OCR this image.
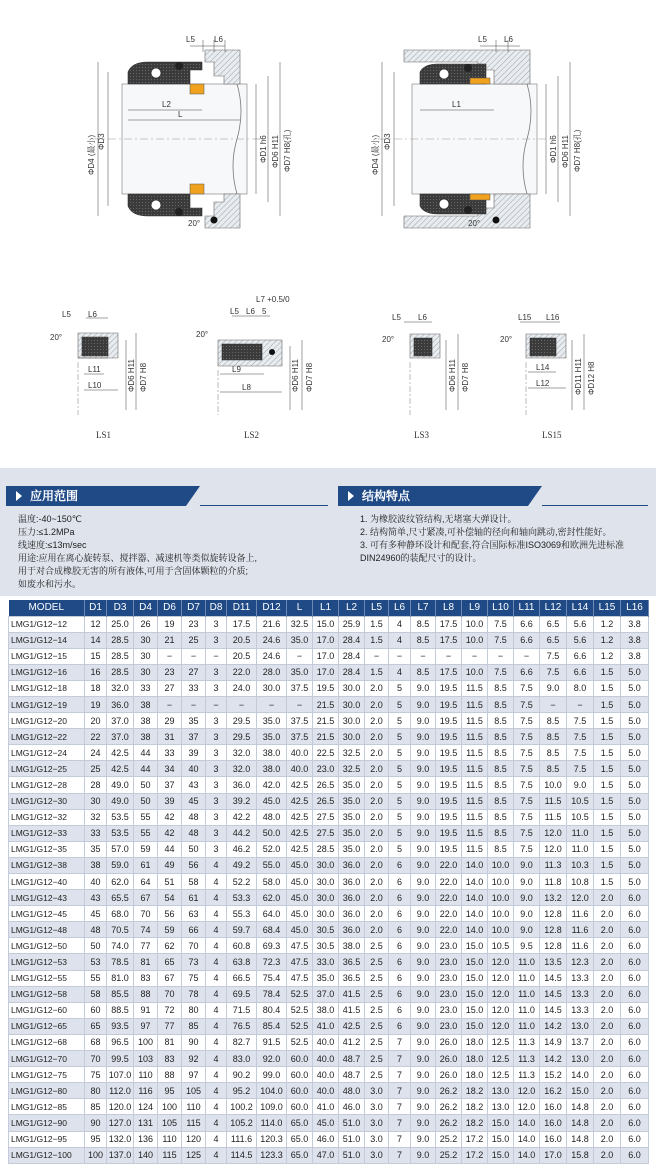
L5 L6
L2
L
ΦD4 (最小) ΦD3	ΦD1 h6 ΦD6 H11 ΦD7 H8(孔)
20°
L5 L6
L1
ΦD4 (最小) ΦD3	ΦD1 h6 ΦD6 H11 ΦD7 H8(孔)
20°
L5 L6
20°
L11
L10	ΦD6 H11 ΦD7 H8
LS1
L7 +0.5/0
L5 L6 5
20°
L9
L8	ΦD6 H11 ΦD7 H8
LS2
L5 L6
20°
ΦD6 H11 ΦD7 H8
LS3
L15 L16
20°
L14
L12	ΦD11 H11 ΦD12 H8
LS15
应用范围	结构特点
温度:-40~150℃
压力:≤1.2MPa
线速度:≤13m/sec
用途:应用在离心旋转泵、搅拌器、减速机等类似旋转设备上,
用于对合成橡胶无害的所有液体,可用于含固体颗粒的介质;
如废水和污水。
1. 为橡胶波纹管结构,无堵塞大弹设计。
2. 结构简单,尺寸紧凑,可补偿轴的径向和轴向跳动,密封性能好。
3. 可有多种静环设计和配套,符合国际标准ISO3069和欧洲先进标准
DIN24960的装配尺寸的设计。
MODEL	D1	D3	D4	D6	D7	D8	D11	D12	L	L1	L2	L5	L6	L7	L8	L9	L10	L11	L12	L14	L15	L16
LMG1/G12−12	12	25.0	26	19	23	3	17.5	21.6	32.5	15.0	25.9	1.5	4	8.5	17.5	10.0	7.5	6.6	6.5	5.6	1.2	3.8
LMG1/G12−14	14	28.5	30	21	25	3	20.5	24.6	35.0	17.0	28.4	1.5	4	8.5	17.5	10.0	7.5	6.6	6.5	5.6	1.2	3.8
LMG1/G12−15	15	28.5	30	−	−	−	20.5	24.6	−	17.0	28.4	−	−	−	−	−	−	−	7.5	6.6	1.2	3.8
LMG1/G12−16	16	28.5	30	23	27	3	22.0	28.0	35.0	17.0	28.4	1.5	4	8.5	17.5	10.0	7.5	6.6	7.5	6.6	1.5	5.0
LMG1/G12−18	18	32.0	33	27	33	3	24.0	30.0	37.5	19.5	30.0	2.0	5	9.0	19.5	11.5	8.5	7.5	9.0	8.0	1.5	5.0
LMG1/G12−19	19	36.0	38	−	−	−	−	−	−	21.5	30.0	2.0	5	9.0	19.5	11.5	8.5	7.5	−	−	1.5	5.0
LMG1/G12−20	20	37.0	38	29	35	3	29.5	35.0	37.5	21.5	30.0	2.0	5	9.0	19.5	11.5	8.5	7.5	8.5	7.5	1.5	5.0
LMG1/G12−22	22	37.0	38	31	37	3	29.5	35.0	37.5	21.5	30.0	2.0	5	9.0	19.5	11.5	8.5	7.5	8.5	7.5	1.5	5.0
LMG1/G12−24	24	42.5	44	33	39	3	32.0	38.0	40.0	22.5	32.5	2.0	5	9.0	19.5	11.5	8.5	7.5	8.5	7.5	1.5	5.0
LMG1/G12−25	25	42.5	44	34	40	3	32.0	38.0	40.0	23.0	32.5	2.0	5	9.0	19.5	11.5	8.5	7.5	8.5	7.5	1.5	5.0
LMG1/G12−28	28	49.0	50	37	43	3	36.0	42.0	42.5	26.5	35.0	2.0	5	9.0	19.5	11.5	8.5	7.5	10.0	9.0	1.5	5.0
LMG1/G12−30	30	49.0	50	39	45	3	39.2	45.0	42.5	26.5	35.0	2.0	5	9.0	19.5	11.5	8.5	7.5	11.5	10.5	1.5	5.0
LMG1/G12−32	32	53.5	55	42	48	3	42.2	48.0	42.5	27.5	35.0	2.0	5	9.0	19.5	11.5	8.5	7.5	11.5	10.5	1.5	5.0
LMG1/G12−33	33	53.5	55	42	48	3	44.2	50.0	42.5	27.5	35.0	2.0	5	9.0	19.5	11.5	8.5	7.5	12.0	11.0	1.5	5.0
LMG1/G12−35	35	57.0	59	44	50	3	46.2	52.0	42.5	28.5	35.0	2.0	5	9.0	19.5	11.5	8.5	7.5	12.0	11.0	1.5	5.0
LMG1/G12−38	38	59.0	61	49	56	4	49.2	55.0	45.0	30.0	36.0	2.0	6	9.0	22.0	14.0	10.0	9.0	11.3	10.3	1.5	5.0
LMG1/G12−40	40	62.0	64	51	58	4	52.2	58.0	45.0	30.0	36.0	2.0	6	9.0	22.0	14.0	10.0	9.0	11.8	10.8	1.5	5.0
LMG1/G12−43	43	65.5	67	54	61	4	53.3	62.0	45.0	30.0	36.0	2.0	6	9.0	22.0	14.0	10.0	9.0	13.2	12.0	2.0	6.0
LMG1/G12−45	45	68.0	70	56	63	4	55.3	64.0	45.0	30.0	36.0	2.0	6	9.0	22.0	14.0	10.0	9.0	12.8	11.6	2.0	6.0
LMG1/G12−48	48	70.5	74	59	66	4	59.7	68.4	45.0	30.5	36.0	2.0	6	9.0	22.0	14.0	10.0	9.0	12.8	11.6	2.0	6.0
LMG1/G12−50	50	74.0	77	62	70	4	60.8	69.3	47.5	30.5	38.0	2.5	6	9.0	23.0	15.0	10.5	9.5	12.8	11.6	2.0	6.0
LMG1/G12−53	53	78.5	81	65	73	4	63.8	72.3	47.5	33.0	36.5	2.5	6	9.0	23.0	15.0	12.0	11.0	13.5	12.3	2.0	6.0
LMG1/G12−55	55	81.0	83	67	75	4	66.5	75.4	47.5	35.0	36.5	2.5	6	9.0	23.0	15.0	12.0	11.0	14.5	13.3	2.0	6.0
LMG1/G12−58	58	85.5	88	70	78	4	69.5	78.4	52.5	37.0	41.5	2.5	6	9.0	23.0	15.0	12.0	11.0	14.5	13.3	2.0	6.0
LMG1/G12−60	60	88.5	91	72	80	4	71.5	80.4	52.5	38.0	41.5	2.5	6	9.0	23.0	15.0	12.0	11.0	14.5	13.3	2.0	6.0
LMG1/G12−65	65	93.5	97	77	85	4	76.5	85.4	52.5	41.0	42.5	2.5	6	9.0	23.0	15.0	12.0	11.0	14.2	13.0	2.0	6.0
LMG1/G12−68	68	96.5	100	81	90	4	82.7	91.5	52.5	40.0	41.2	2.5	7	9.0	26.0	18.0	12.5	11.3	14.9	13.7	2.0	6.0
LMG1/G12−70	70	99.5	103	83	92	4	83.0	92.0	60.0	40.0	48.7	2.5	7	9.0	26.0	18.0	12.5	11.3	14.2	13.0	2.0	6.0
LMG1/G12−75	75	107.0	110	88	97	4	90.2	99.0	60.0	40.0	48.7	2.5	7	9.0	26.0	18.0	12.5	11.3	15.2	14.0	2.0	6.0
LMG1/G12−80	80	112.0	116	95	105	4	95.2	104.0	60.0	40.0	48.0	3.0	7	9.0	26.2	18.2	13.0	12.0	16.2	15.0	2.0	6.0
LMG1/G12−85	85	120.0	124	100	110	4	100.2	109.0	60.0	41.0	46.0	3.0	7	9.0	26.2	18.2	13.0	12.0	16.0	14.8	2.0	6.0
LMG1/G12−90	90	127.0	131	105	115	4	105.2	114.0	65.0	45.0	51.0	3.0	7	9.0	26.2	18.2	15.0	14.0	16.0	14.8	2.0	6.0
LMG1/G12−95	95	132.0	136	110	120	4	111.6	120.3	65.0	46.0	51.0	3.0	7	9.0	25.2	17.2	15.0	14.0	16.0	14.8	2.0	6.0
LMG1/G12−100	100	137.0	140	115	125	4	114.5	123.3	65.0	47.0	51.0	3.0	7	9.0	25.2	17.2	15.0	14.0	17.0	15.8	2.0	6.0
